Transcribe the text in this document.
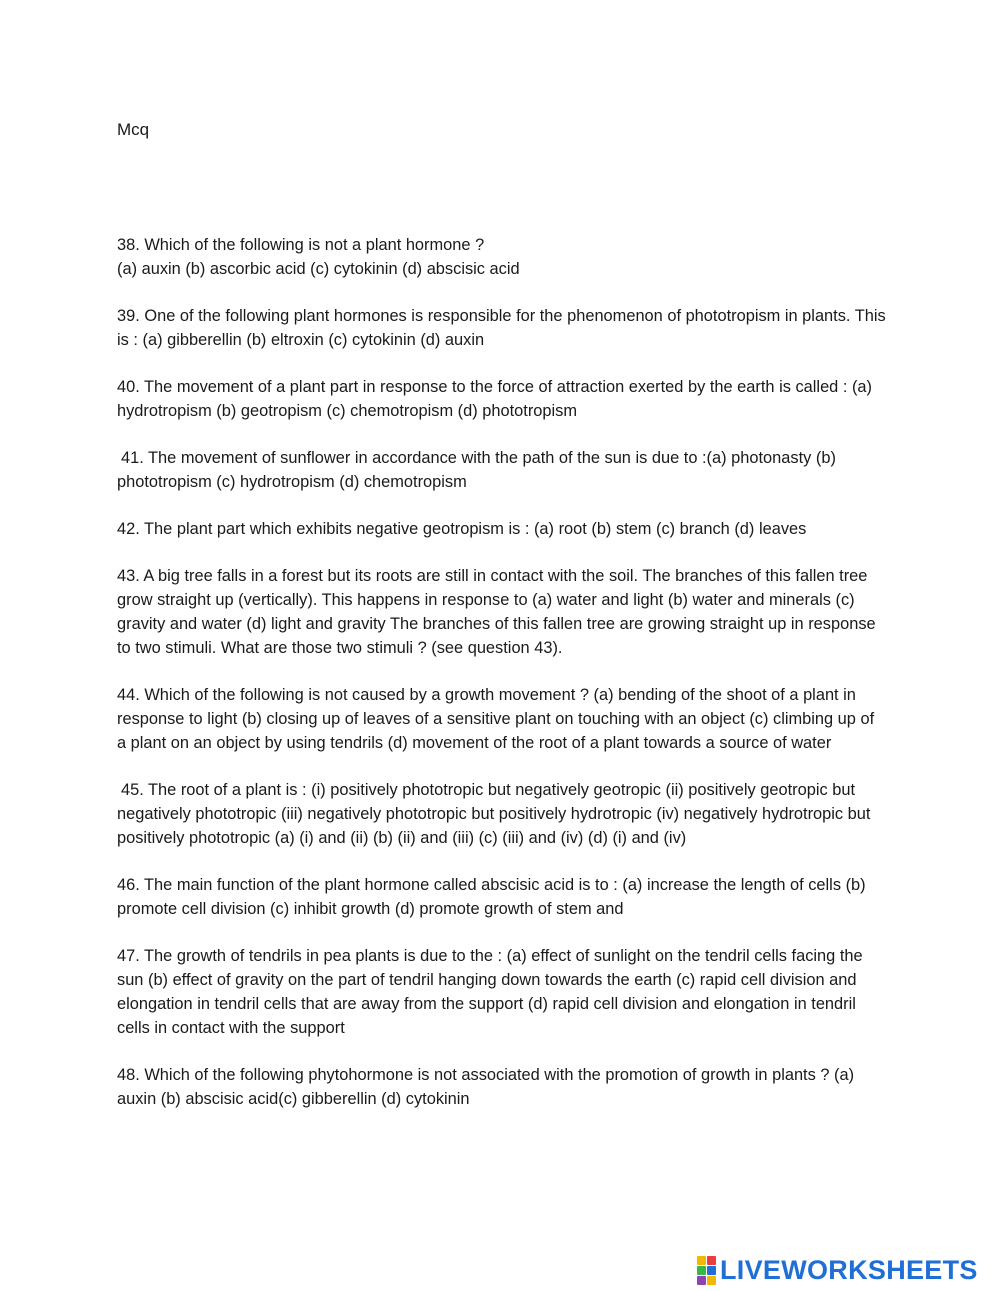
Mcq

38. Which of the following is not a plant hormone ?
(a) auxin (b) ascorbic acid (c) cytokinin (d) abscisic acid

39. One of the following plant hormones is responsible for the phenomenon of phototropism in plants. This is : (a) gibberellin (b) eltroxin (c) cytokinin (d) auxin

40. The movement of a plant part in response to the force of attraction exerted by the earth is called : (a) hydrotropism (b) geotropism (c) chemotropism (d) phototropism

41. The movement of sunflower in accordance with the path of the sun is due to :(a) photonasty (b) phototropism (c) hydrotropism (d) chemotropism

42. The plant part which exhibits negative geotropism is : (a) root (b) stem (c) branch (d) leaves

43. A big tree falls in a forest but its roots are still in contact with the soil. The branches of this fallen tree grow straight up (vertically). This happens in response to (a) water and light (b) water and minerals (c) gravity and water (d) light and gravity The branches of this fallen tree are growing straight up in response to two stimuli. What are those two stimuli ? (see question 43).

44. Which of the following is not caused by a growth movement ? (a) bending of the shoot of a plant in response to light (b) closing up of leaves of a sensitive plant on touching with an object (c) climbing up of a plant on an object by using tendrils (d) movement of the root of a plant towards a source of water

45. The root of a plant is : (i) positively phototropic but negatively geotropic (ii) positively geotropic but negatively phototropic (iii) negatively phototropic but positively hydrotropic (iv) negatively hydrotropic but positively phototropic (a) (i) and (ii) (b) (ii) and (iii) (c) (iii) and (iv) (d) (i) and (iv)

46. The main function of the plant hormone called abscisic acid is to : (a) increase the length of cells (b) promote cell division (c) inhibit growth (d) promote growth of stem and

47. The growth of tendrils in pea plants is due to the : (a) effect of sunlight on the tendril cells facing the sun (b) effect of gravity on the part of tendril hanging down towards the earth (c) rapid cell division and elongation in tendril cells that are away from the support (d) rapid cell division and elongation in tendril cells in contact with the support

48. Which of the following phytohormone is not associated with the promotion of growth in plants ? (a) auxin (b) abscisic acid(c) gibberellin (d) cytokinin

LIVEWORKSHEETS
